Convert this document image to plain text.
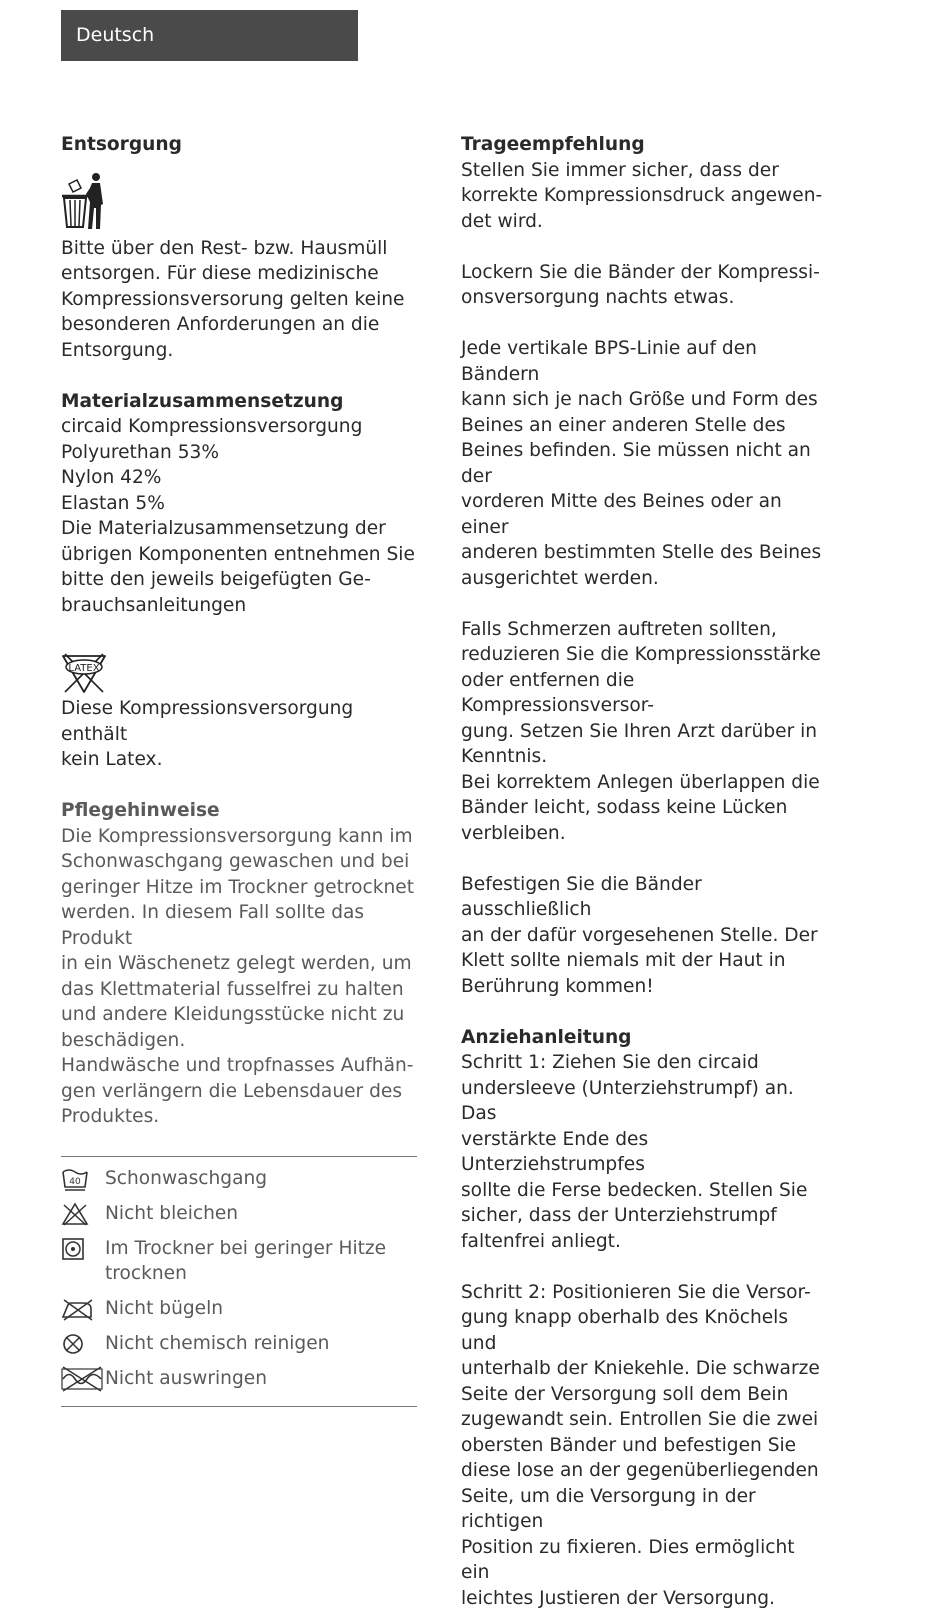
Deutsch
Entsorgung

Bitte über den Rest- bzw. Hausmüll
entsorgen. Für diese medizinische
Kompressionsversorung gelten keine
besonderen Anforderungen an die
Entsorgung.

Materialzusammensetzung

circaid Kompressionsversorgung
Polyurethan 53%
Nylon 42%
Elastan 5%
Die Materialzusammensetzung der
übrigen Komponenten entnehmen Sie
bitte den jeweils beigefügten Ge-
brauchsanleitungen

LATEX

Diese Kompressionsversorgung enthält
kein Latex.

Pflegehinweise

Die Kompressionsversorgung kann im
Schonwaschgang gewaschen und bei
geringer Hitze im Trockner getrocknet
werden. In diesem Fall sollte das Produkt
in ein Wäschenetz gelegt werden, um
das Klettmaterial fusselfrei zu halten
und andere Kleidungsstücke nicht zu
beschädigen.
Handwäsche und tropfnasses Aufhän-
gen verlängern die Lebensdauer des
Produktes.

40 Schonwaschgang
Nicht bleichen
Im Trockner bei geringer Hitze
trocknen
Nicht bügeln
Nicht chemisch reinigen
Nicht auswringen
Trageempfehlung

Stellen Sie immer sicher, dass der
korrekte Kompressionsdruck angewen-
det wird.

Lockern Sie die Bänder der Kompressi-
onsversorgung nachts etwas.

Jede vertikale BPS-Linie auf den Bändern
kann sich je nach Größe und Form des
Beines an einer anderen Stelle des
Beines befinden. Sie müssen nicht an der
vorderen Mitte des Beines oder an einer
anderen bestimmten Stelle des Beines
ausgerichtet werden.

Falls Schmerzen auftreten sollten,
reduzieren Sie die Kompressionsstärke
oder entfernen die Kompressionsversor-
gung. Setzen Sie Ihren Arzt darüber in
Kenntnis.
Bei korrektem Anlegen überlappen die
Bänder leicht, sodass keine Lücken
verbleiben.

Befestigen Sie die Bänder ausschließlich
an der dafür vorgesehenen Stelle. Der
Klett sollte niemals mit der Haut in
Berührung kommen!

Anziehanleitung

Schritt 1: Ziehen Sie den circaid
undersleeve (Unterziehstrumpf) an. Das
verstärkte Ende des Unterziehstrumpfes
sollte die Ferse bedecken. Stellen Sie
sicher, dass der Unterziehstrumpf
faltenfrei anliegt.

Schritt 2: Positionieren Sie die Versor-
gung knapp oberhalb des Knöchels und
unterhalb der Kniekehle. Die schwarze
Seite der Versorgung soll dem Bein
zugewandt sein. Entrollen Sie die zwei
obersten Bänder und befestigen Sie
diese lose an der gegenüberliegenden
Seite, um die Versorgung in der richtigen
Position zu fixieren. Dies ermöglicht ein
leichtes Justieren der Versorgung.
